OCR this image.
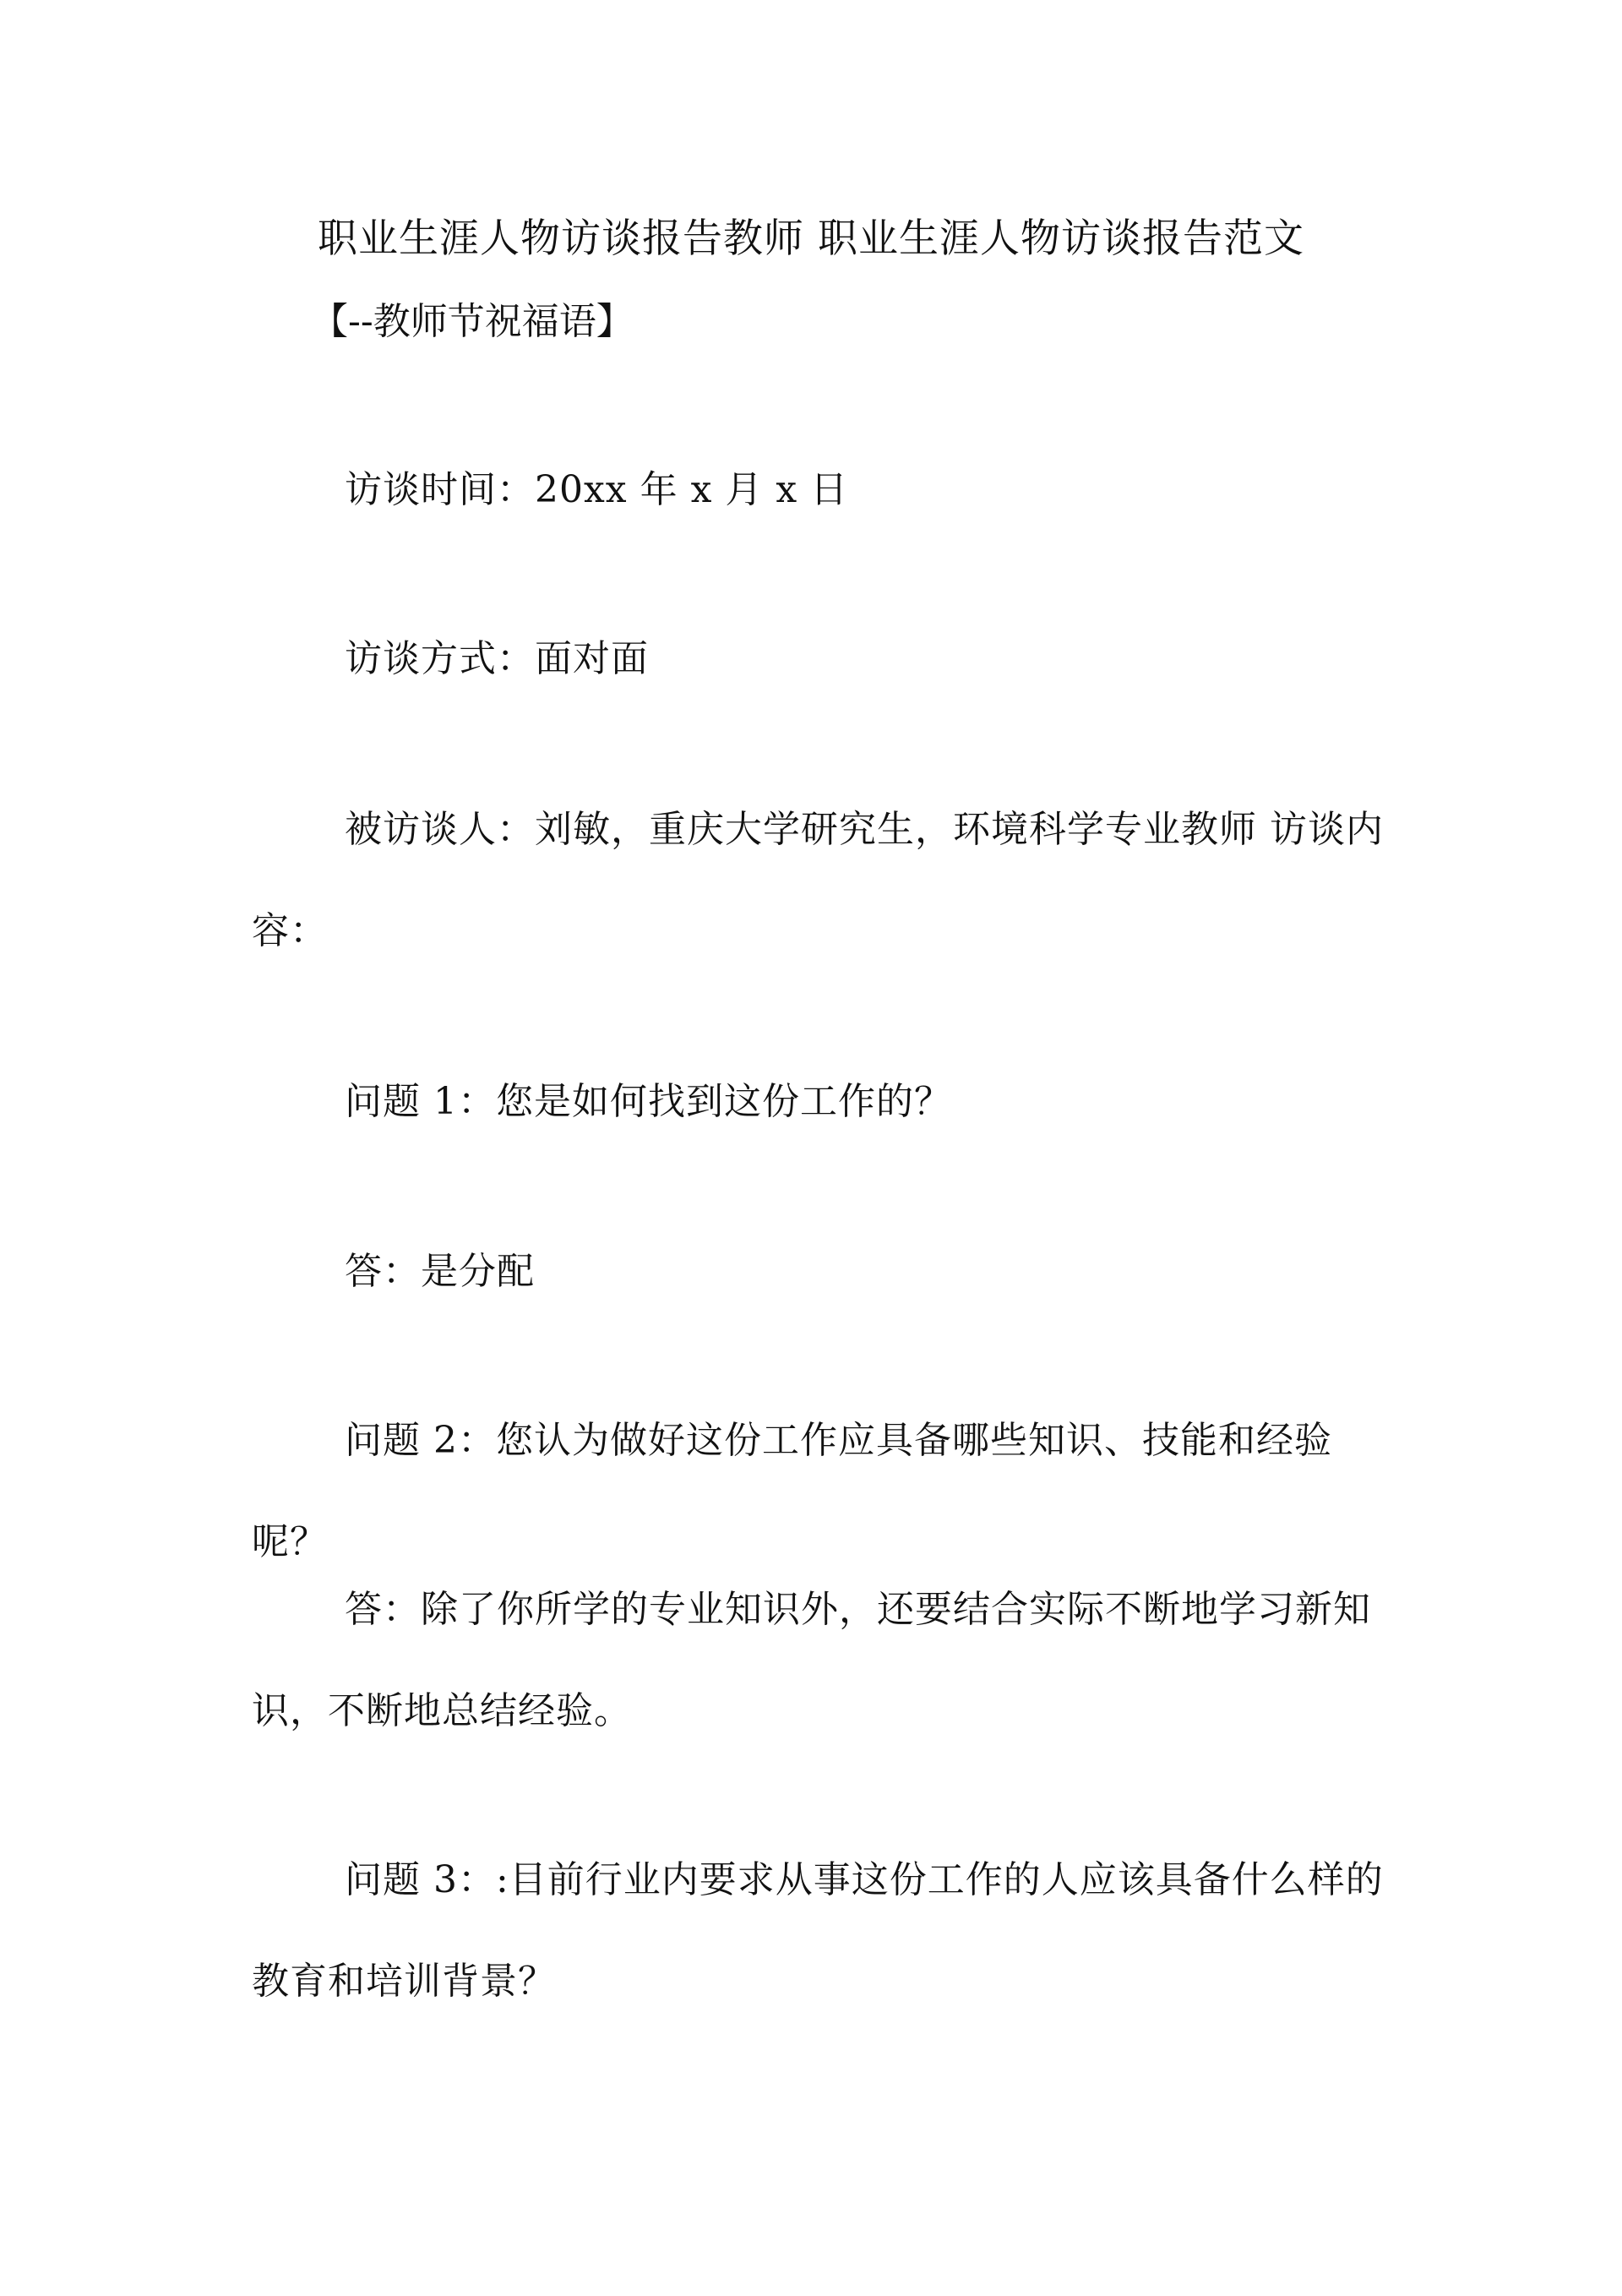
职业生涯人物访谈报告教师 职业生涯人物访谈报告范文
【--教师节祝福语】

访谈时间：20xx 年 x 月 x 日

访谈方式：面对面

被访谈人：刘敏，重庆大学研究生，环境科学专业教师 访谈内容：

问题 1：您是如何找到这份工作的？

答：是分配

问题 2：您认为做好这份工作应具备哪些知识、技能和经验呢？

答：除了你所学的专业知识外，还要结合实际不断地学习新知识，不断地总结经验。

问题 3：:目前行业内要求从事这份工作的人应该具备什么样的教育和培训背景？
